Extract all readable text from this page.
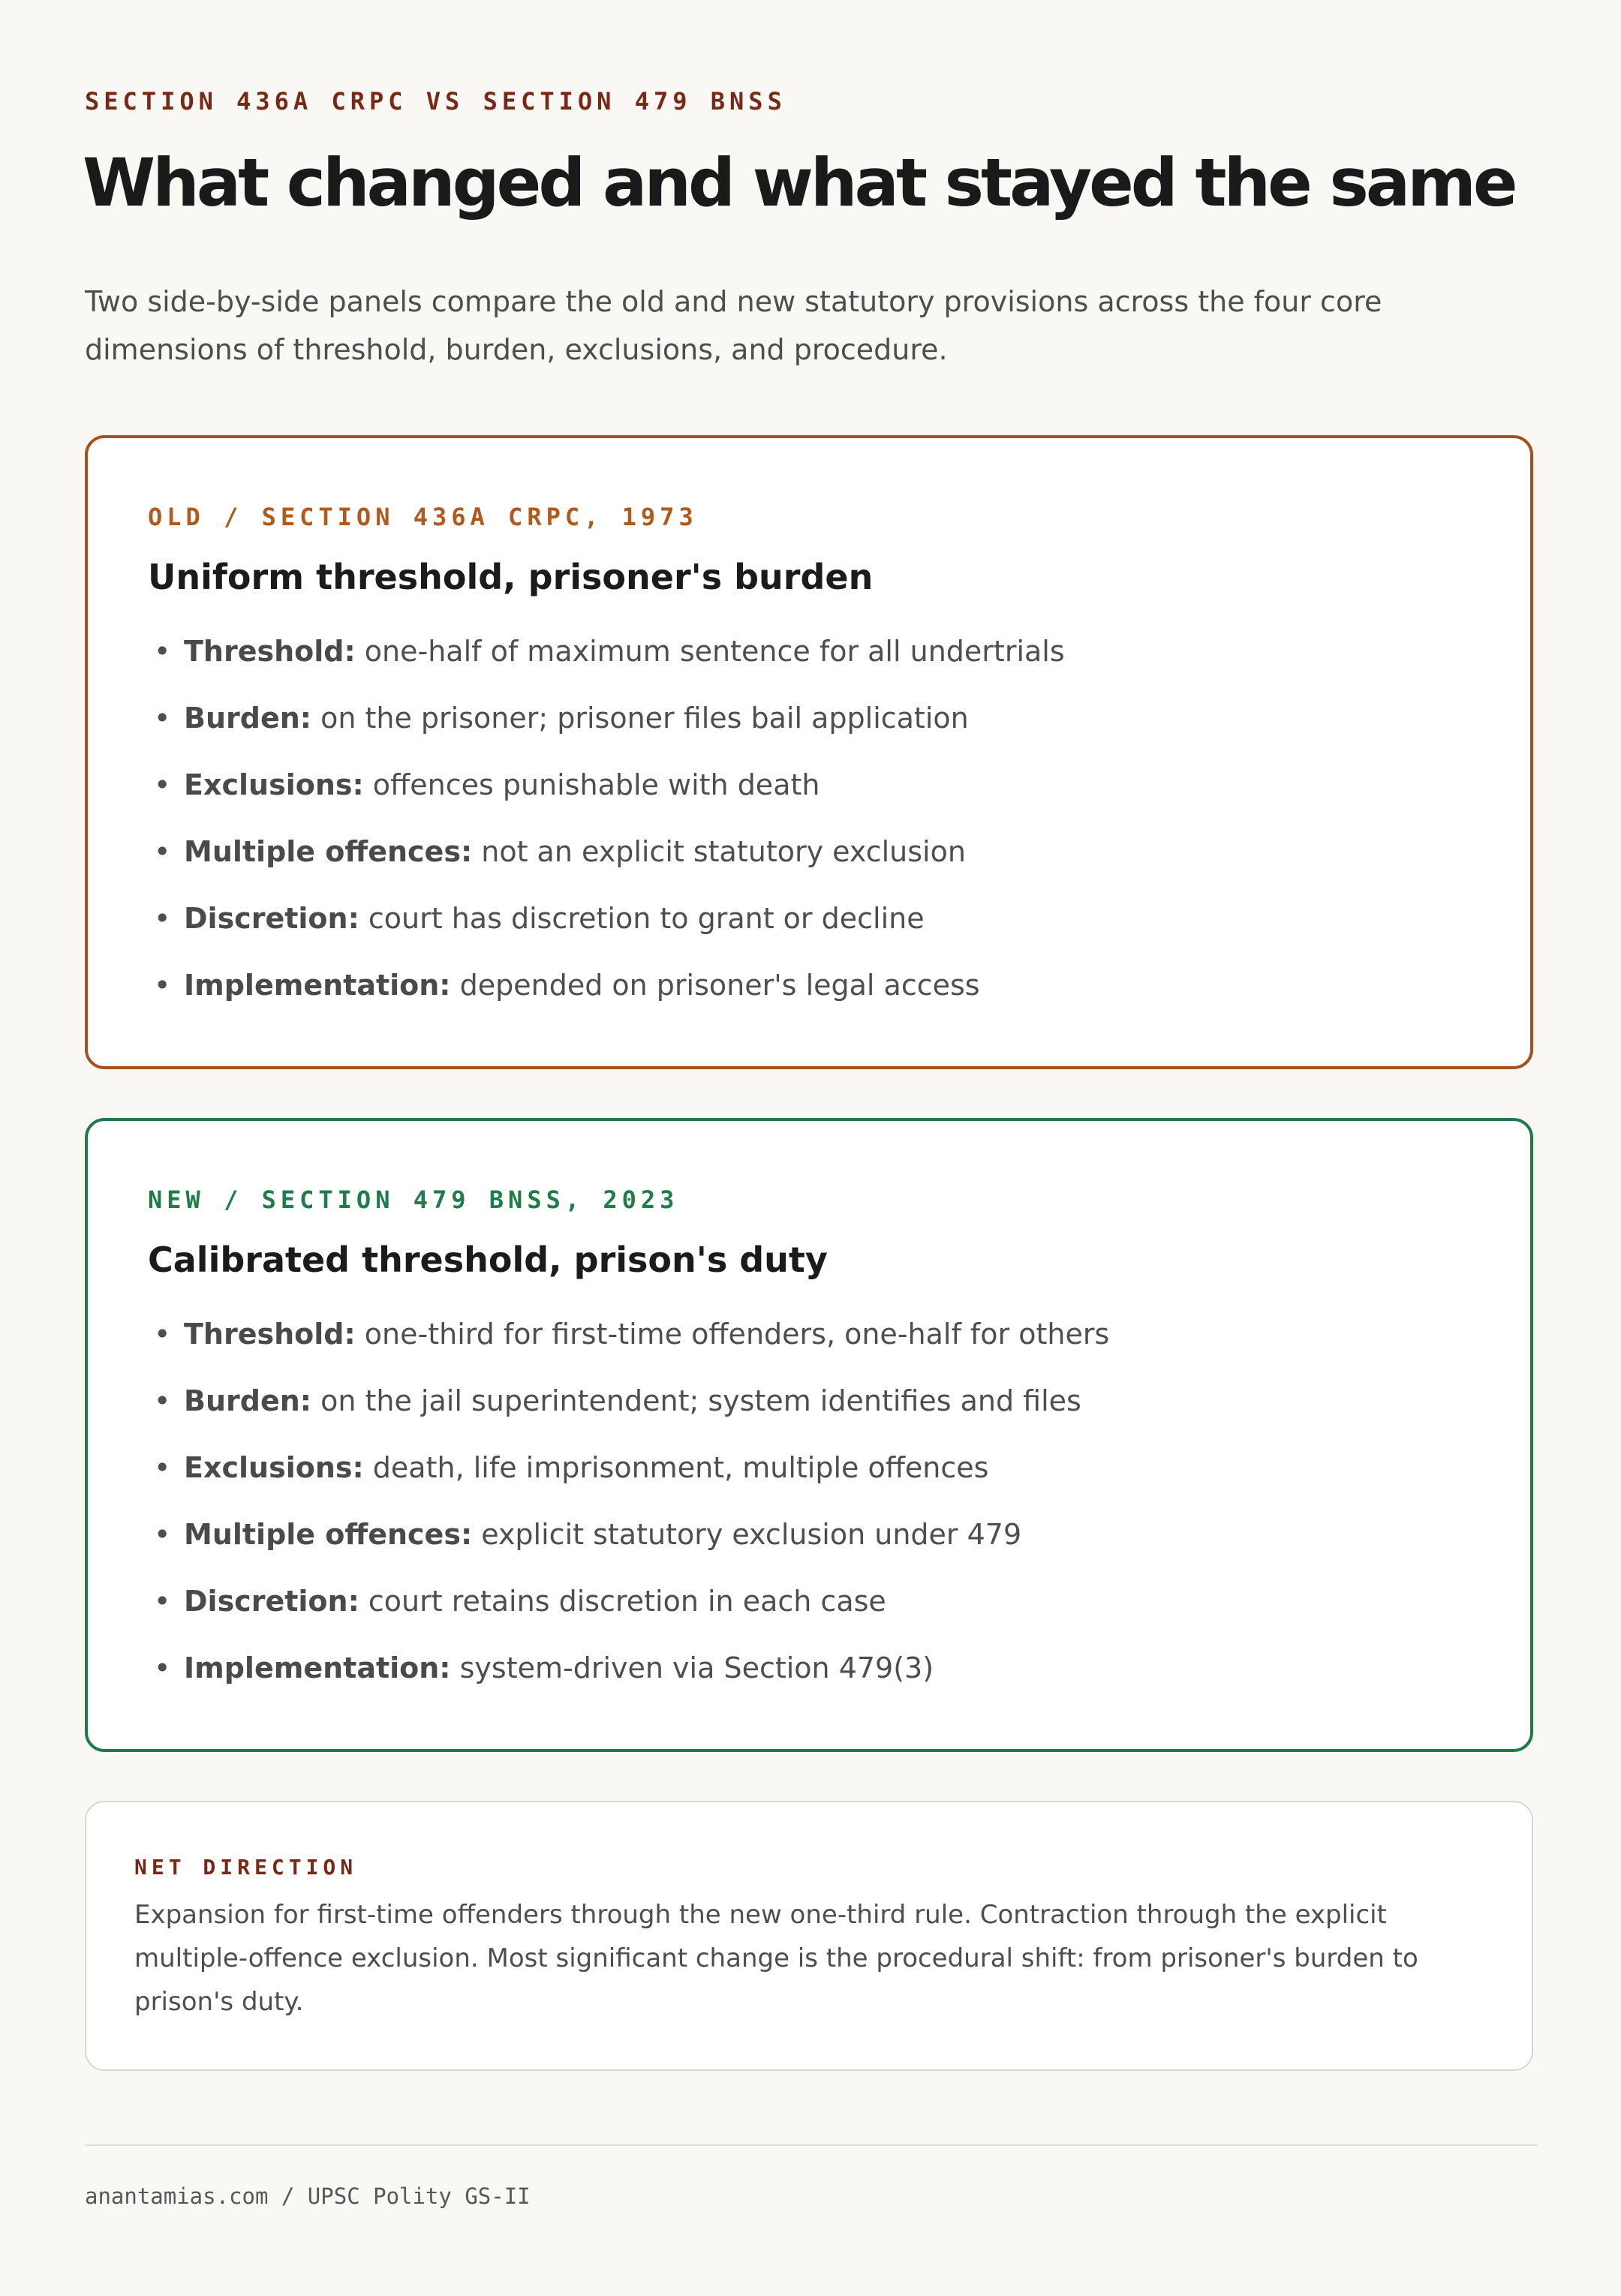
SECTION 436A CRPC VS SECTION 479 BNSS
What changed and what stayed the same

Two side-by-side panels compare the old and new statutory provisions across the four core dimensions of threshold, burden, exclusions, and procedure.

OLD / SECTION 436A CRPC, 1973
Uniform threshold, prisoner's burden
• Threshold: one-half of maximum sentence for all undertrials
• Burden: on the prisoner; prisoner files bail application
• Exclusions: offences punishable with death
• Multiple offences: not an explicit statutory exclusion
• Discretion: court has discretion to grant or decline
• Implementation: depended on prisoner's legal access
NEW / SECTION 479 BNSS, 2023
Calibrated threshold, prison's duty
• Threshold: one-third for first-time offenders, one-half for others
• Burden: on the jail superintendent; system identifies and files
• Exclusions: death, life imprisonment, multiple offences
• Multiple offences: explicit statutory exclusion under 479
• Discretion: court retains discretion in each case
• Implementation: system-driven via Section 479(3)
NET DIRECTION

Expansion for first-time offenders through the new one-third rule. Contraction through the explicit multiple-offence exclusion. Most significant change is the procedural shift: from prisoner's burden to prison's duty.

anantamias.com / UPSC Polity GS-II
